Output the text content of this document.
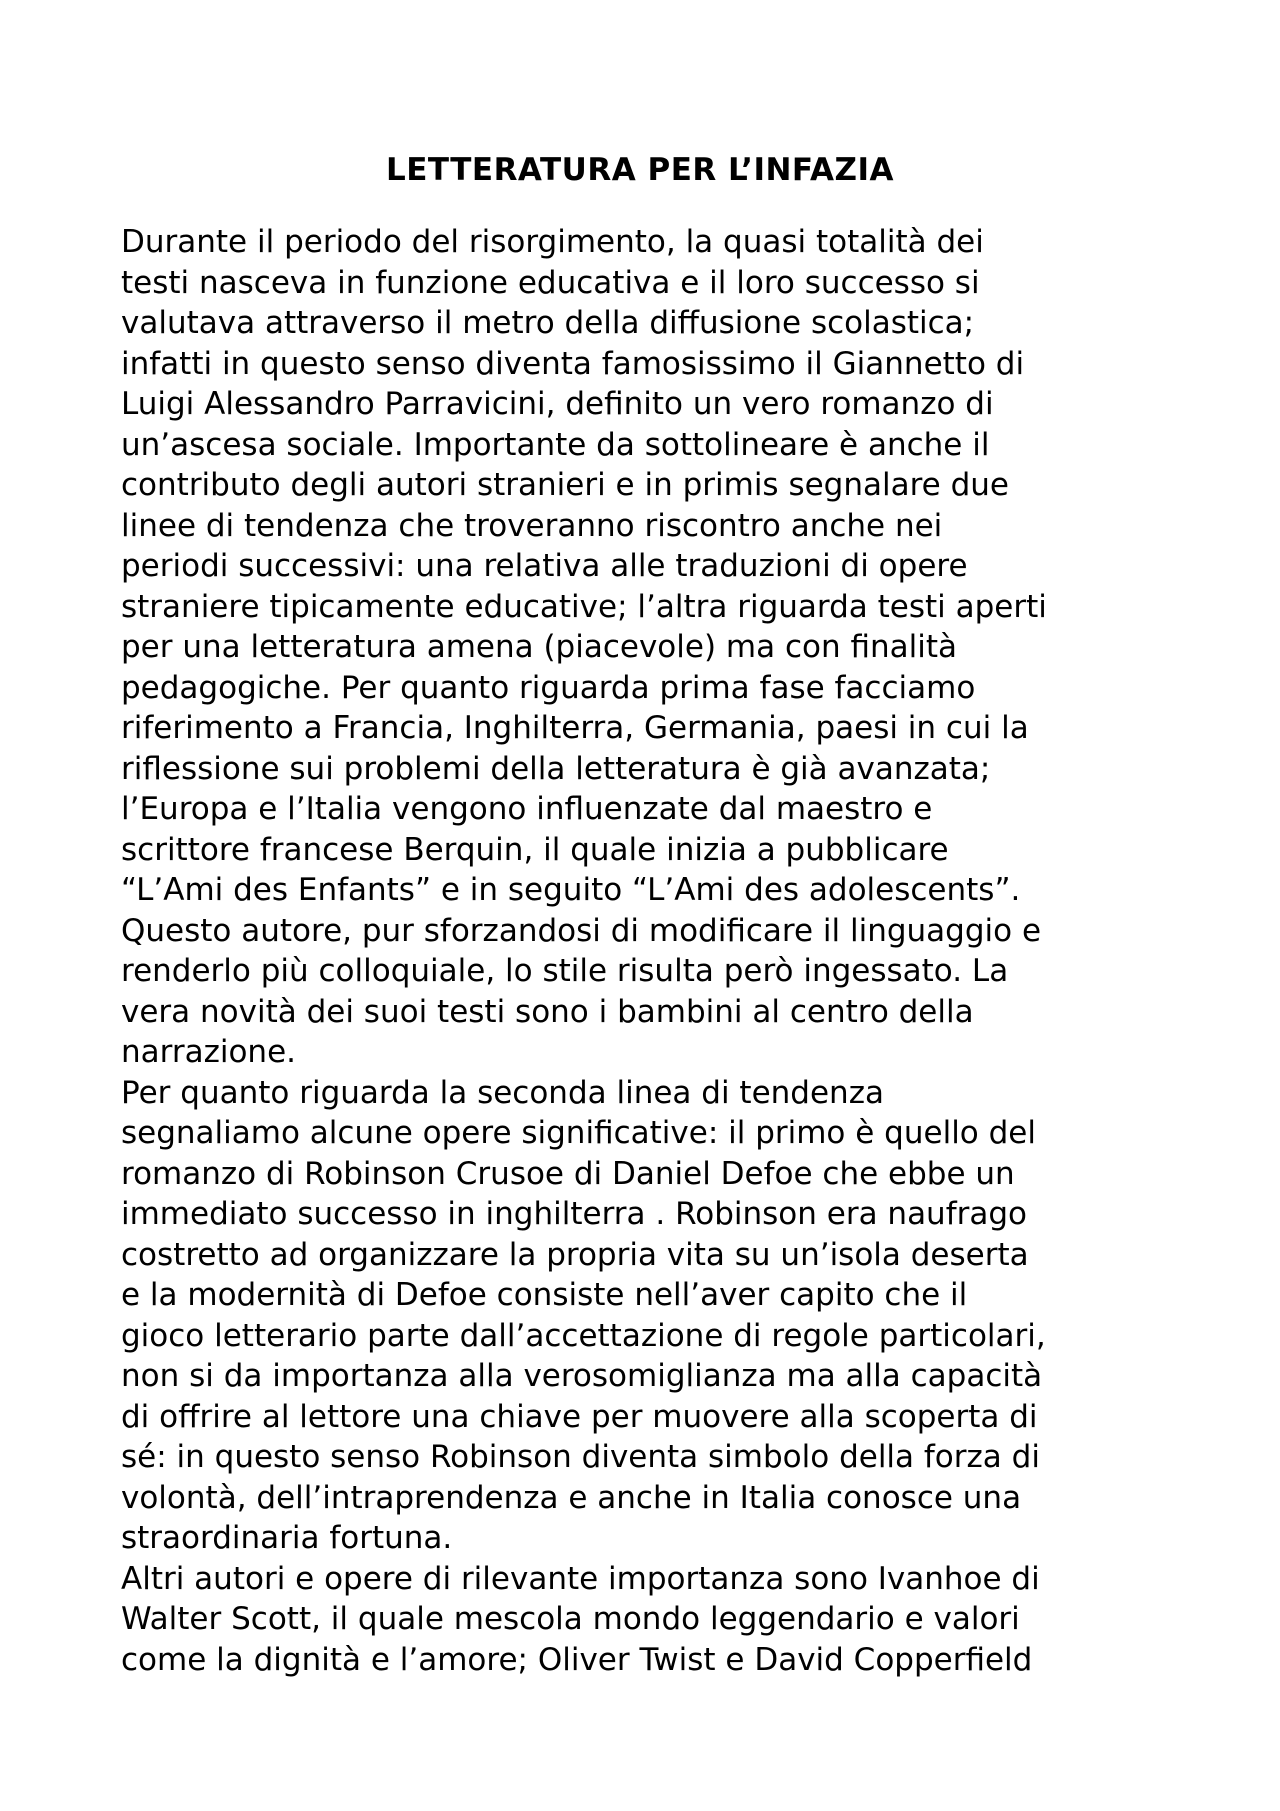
LETTERATURA PER L’INFAZIA
Durante il periodo del risorgimento, la quasi totalità dei
testi nasceva in funzione educativa e il loro successo si
valutava attraverso il metro della diffusione scolastica;
infatti in questo senso diventa famosissimo il Giannetto di
Luigi Alessandro Parravicini, definito un vero romanzo di
un’ascesa sociale. Importante da sottolineare è anche il
contributo degli autori stranieri e in primis segnalare due
linee di tendenza che troveranno riscontro anche nei
periodi successivi: una relativa alle traduzioni di opere
straniere tipicamente educative; l’altra riguarda testi aperti
per una letteratura amena (piacevole) ma con finalità
pedagogiche. Per quanto riguarda prima fase facciamo
riferimento a Francia, Inghilterra, Germania, paesi in cui la
riflessione sui problemi della letteratura è già avanzata;
l’Europa e l’Italia vengono influenzate dal maestro e
scrittore francese Berquin, il quale inizia a pubblicare
“L’Ami des Enfants” e in seguito “L’Ami des adolescents”.
Questo autore, pur sforzandosi di modificare il linguaggio e
renderlo più colloquiale, lo stile risulta però ingessato. La
vera novità dei suoi testi sono i bambini al centro della
narrazione.
Per quanto riguarda la seconda linea di tendenza
segnaliamo alcune opere significative: il primo è quello del
romanzo di Robinson Crusoe di Daniel Defoe che ebbe un
immediato successo in inghilterra . Robinson era naufrago
costretto ad organizzare la propria vita su un’isola deserta
e la modernità di Defoe consiste nell’aver capito che il
gioco letterario parte dall’accettazione di regole particolari,
non si da importanza alla verosomiglianza ma alla capacità
di offrire al lettore una chiave per muovere alla scoperta di
sé: in questo senso Robinson diventa simbolo della forza di
volontà, dell’intraprendenza e anche in Italia conosce una
straordinaria fortuna.
Altri autori e opere di rilevante importanza sono Ivanhoe di
Walter Scott, il quale mescola mondo leggendario e valori
come la dignità e l’amore; Oliver Twist e David Copperfield
